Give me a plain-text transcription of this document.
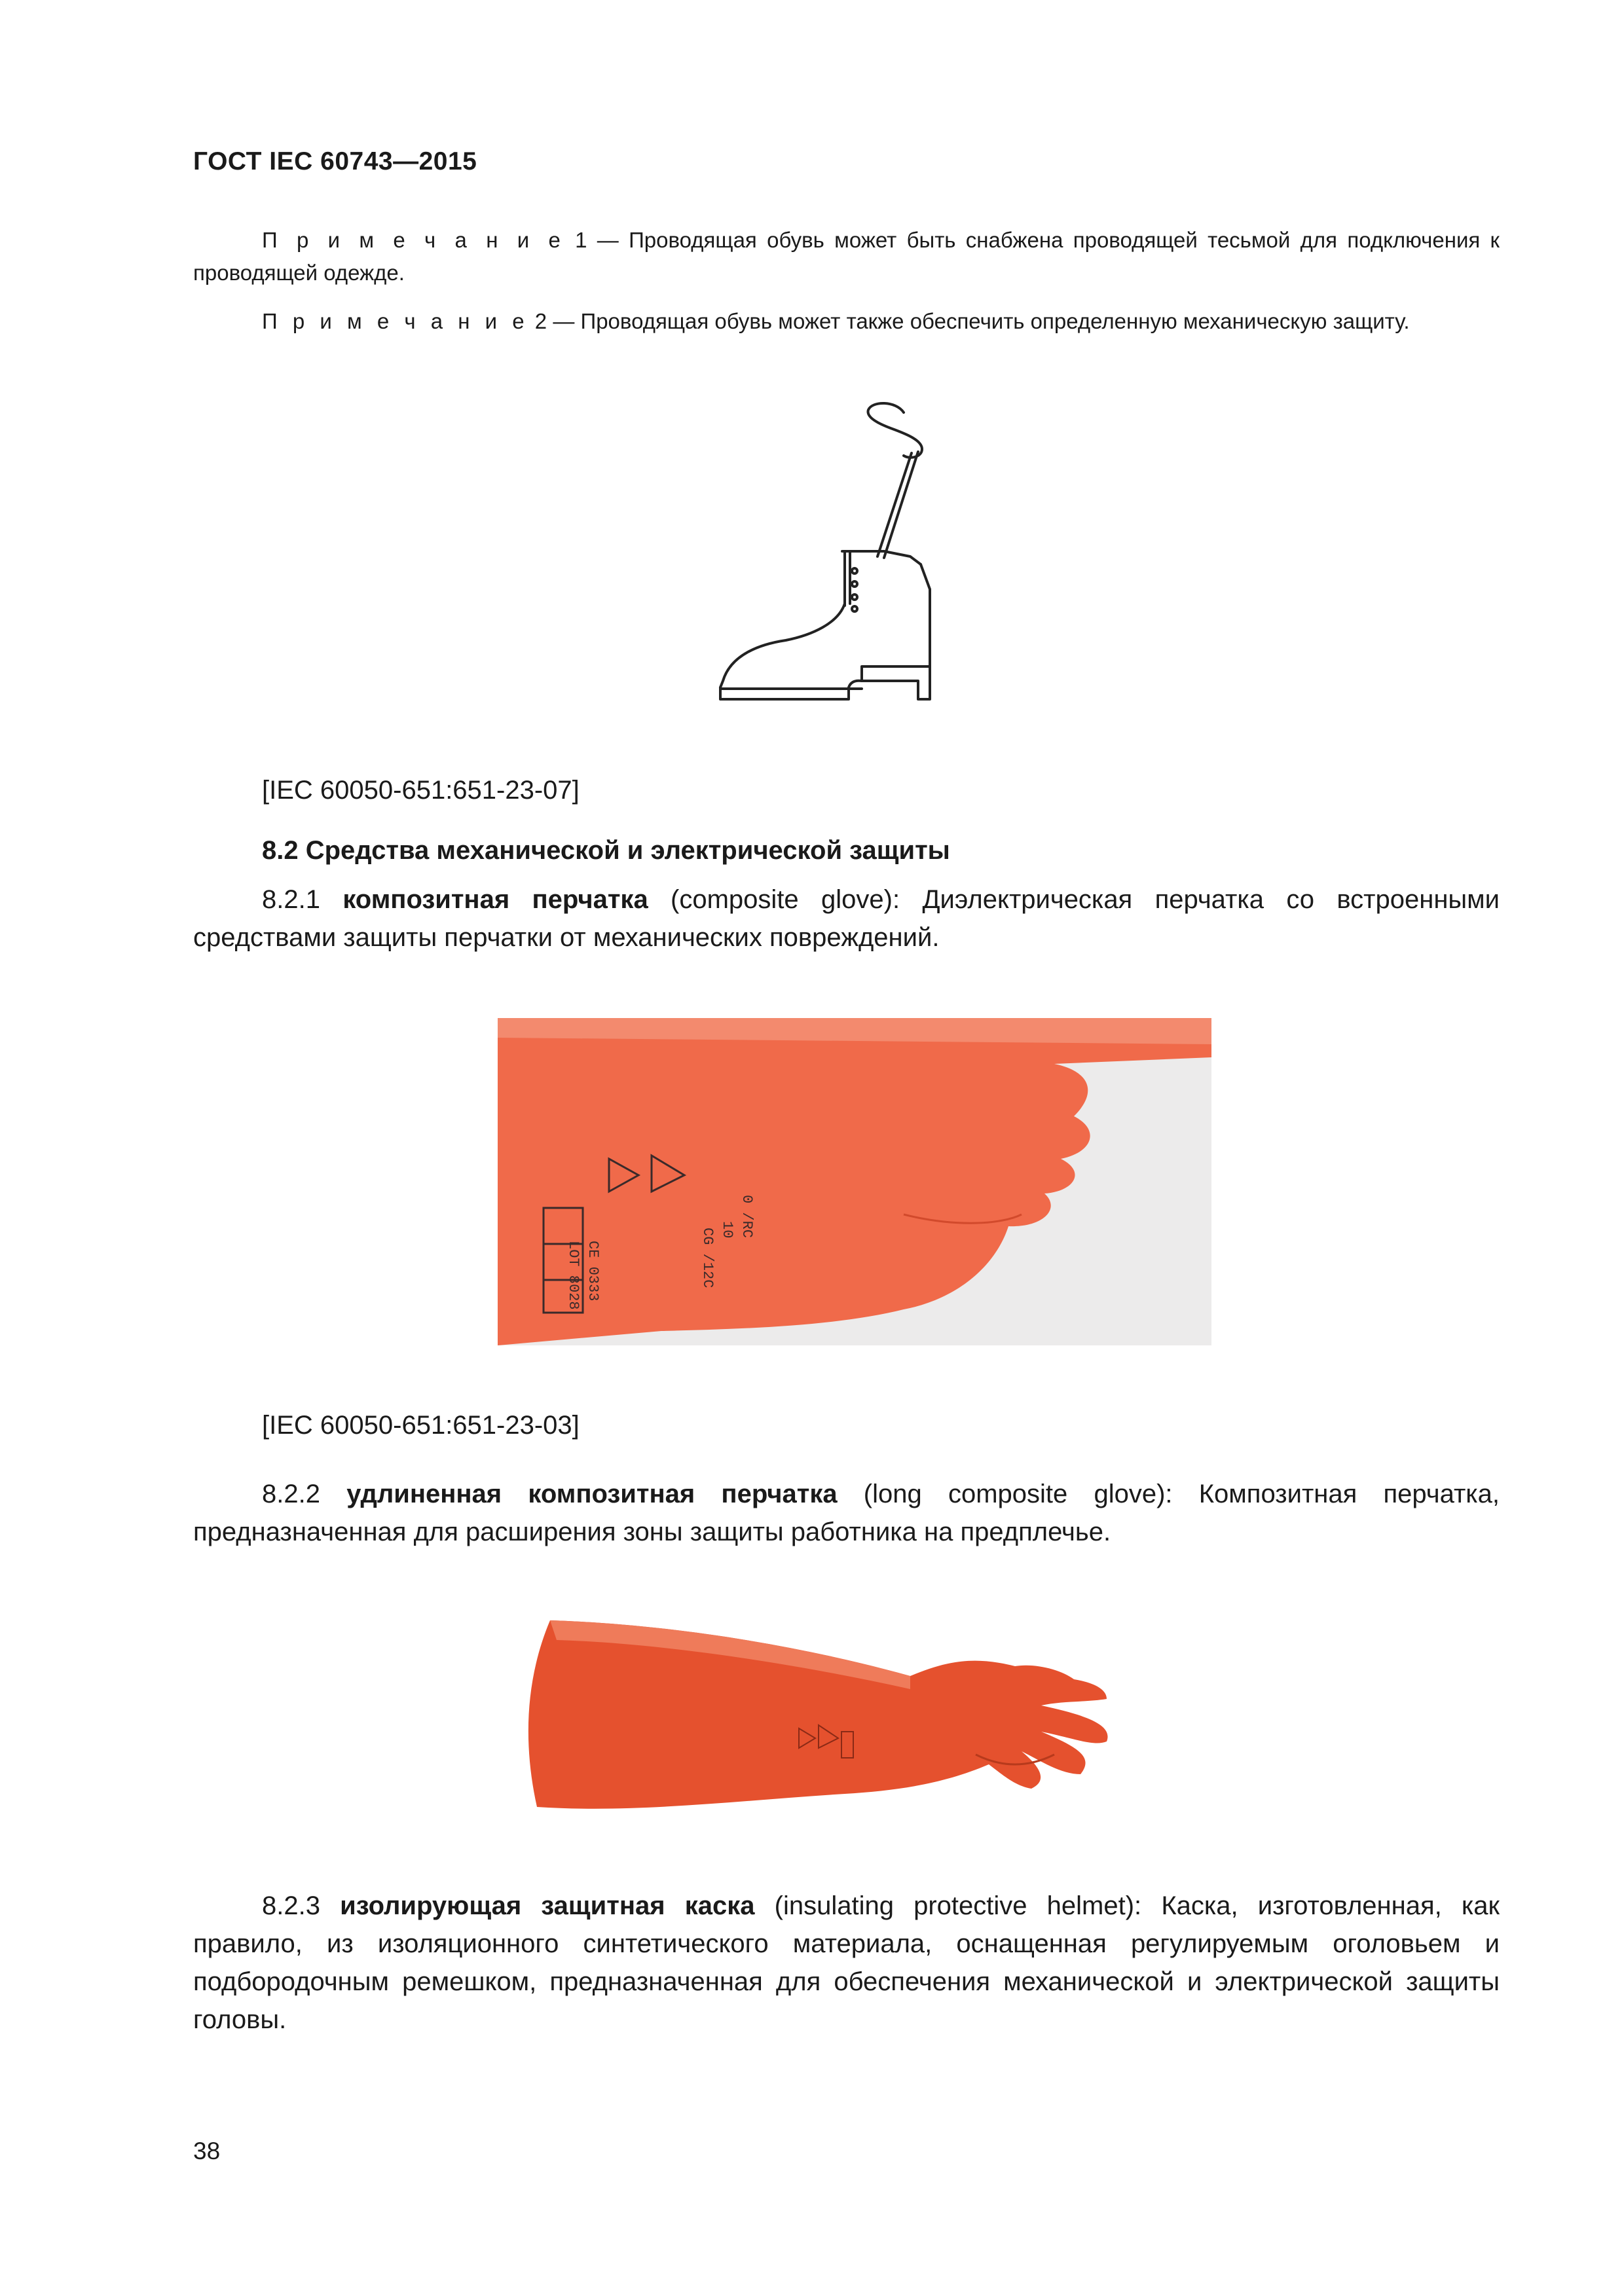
ГОСТ IEC 60743—2015
П р и м е ч а н и е 1 — Проводящая обувь может быть снабжена проводящей тесьмой для подключения к проводящей одежде.
П р и м е ч а н и е 2 — Проводящая обувь может также обеспечить определенную механическую защиту.
[IEC 60050-651:651-23-07]
8.2 Средства механической и электрической защиты
8.2.1 композитная перчатка (composite glove): Диэлектрическая перчатка со встроенными средствами защиты перчатки от механических повреждений.
CE 0333
LOT 8028
0 /RC
10
CG /12C
[IEC 60050-651:651-23-03]
8.2.2 удлиненная композитная перчатка (long composite glove): Композитная перчатка, предназначенная для расширения зоны защиты работника на предплечье.
8.2.3 изолирующая защитная каска (insulating protective helmet): Каска, изготовленная, как правило, из изоляционного синтетического материала, оснащенная регулируемым оголовьем и подбородочным ремешком, предназначенная для обеспечения механической и электрической защиты головы.
38
